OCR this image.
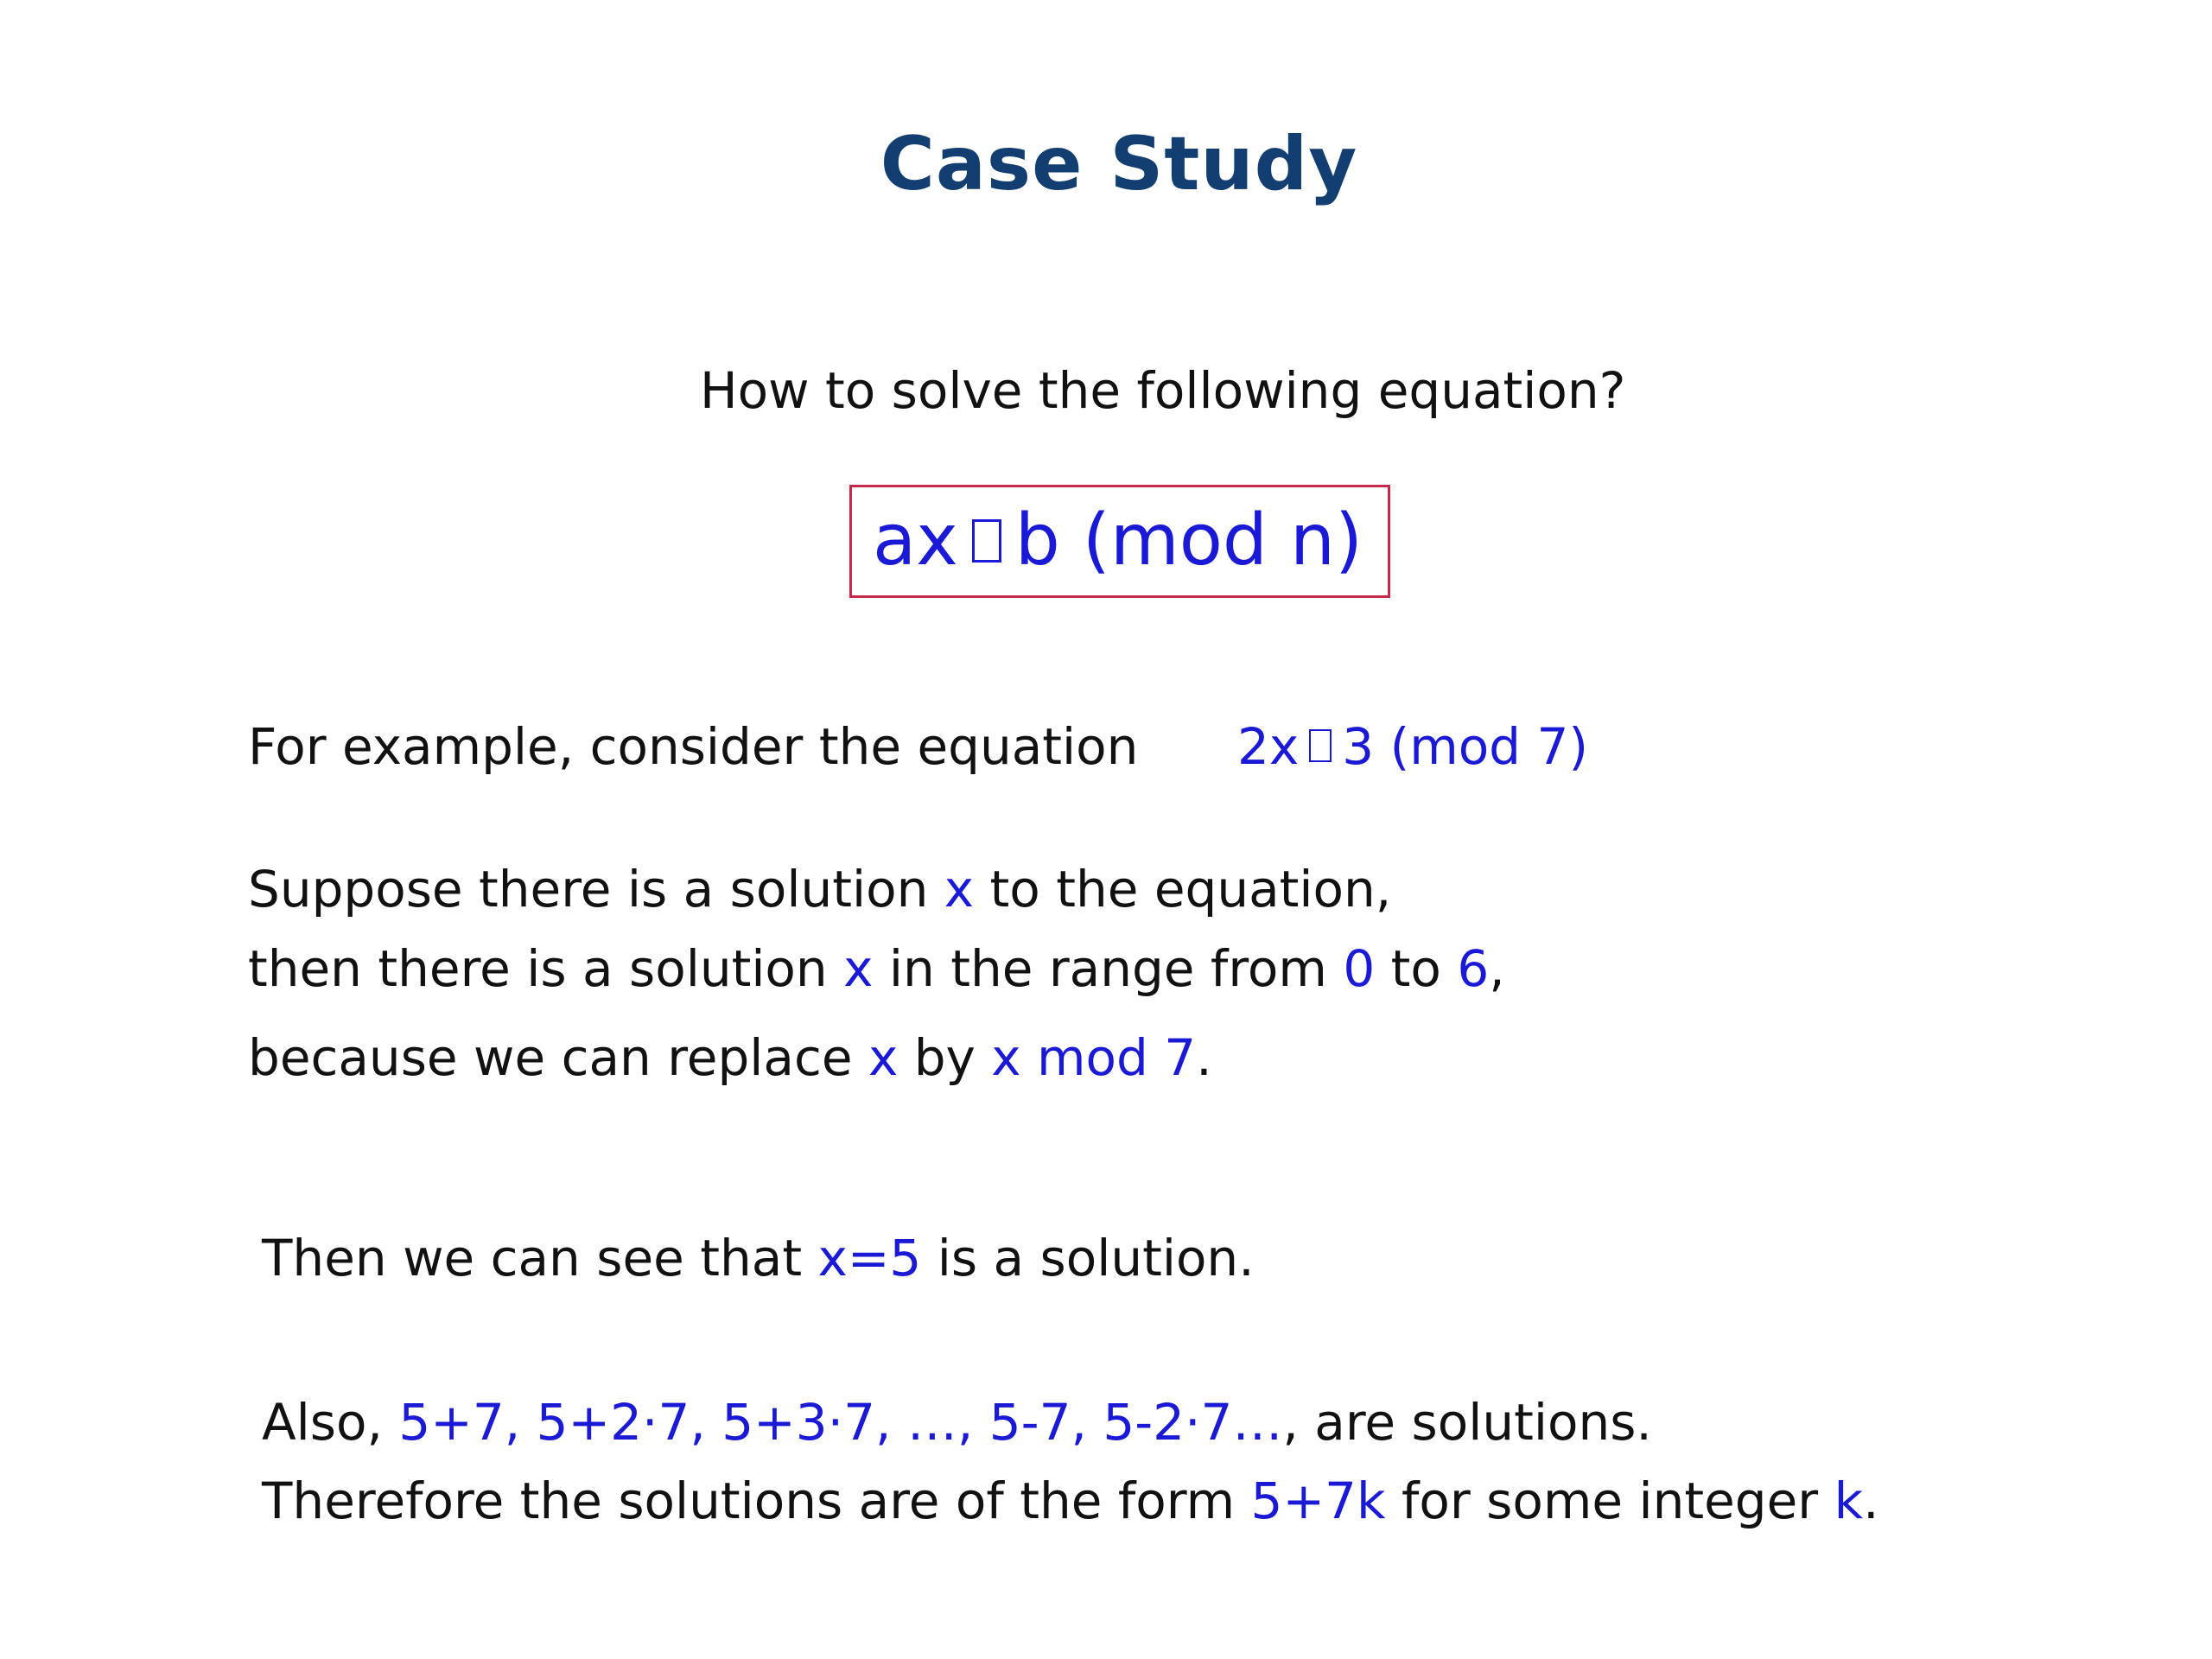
Case Study
How to solve the following equation?
ax b (mod n)
For example, consider the equation 2x 3 (mod 7)
Suppose there is a solution x to the equation,
then there is a solution x in the range from 0 to 6,
because we can replace x by x mod 7.
Then we can see that x=5 is a solution.
Also, 5+7, 5+2·7, 5+3·7, …, 5-7, 5-2·7…, are solutions.
Therefore the solutions are of the form 5+7k for some integer k.
